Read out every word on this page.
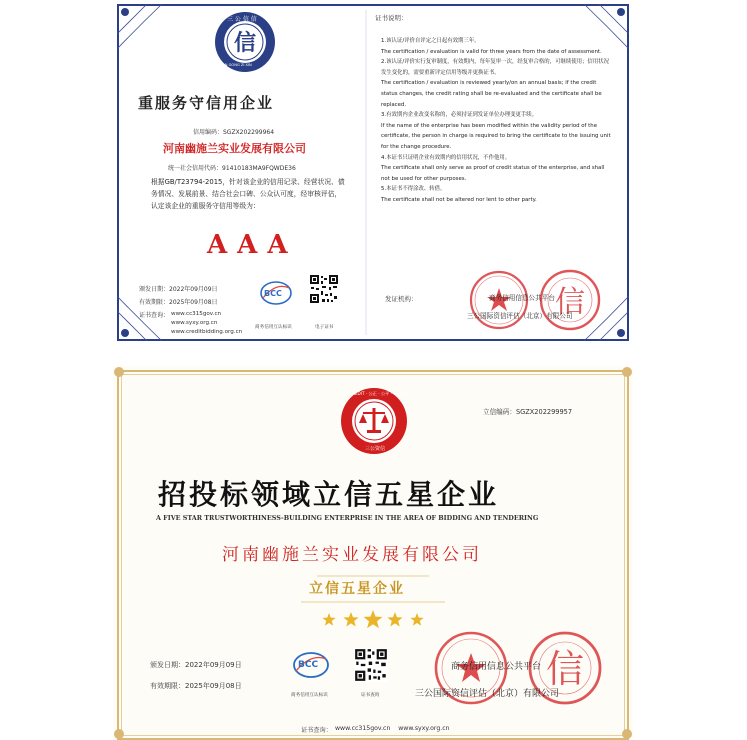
信
三 公 信 信
SAN GONG ZI XIN
重服务守信用企业
信用编码：SGZX202299964
河南幽施兰实业发展有限公司
统一社会信用代码：91410183MA9FQWDE36
根据GB/T23794-2015，针对该企业的信用记录、经营状况、债务情况、发展前景、结合社会口碑、公众认可度，经审核评估，认定该企业的重服务守信用等级为：
AAA
颁发日期：2022年09月09日
有效期限：2025年09月08日
证书查询： www.cc315gov.cn
www.syxy.org.cn
www.creditbidding.org.cn
BCC
商务信用互认标识	电子证书
证书说明：
1.该认证/评价自评定之日起有效期三年。
The certification / evaluation is valid for three years from the date of assessment.
2.该认证/评价实行复审制度，有效期内，每年复审一次，经复审合格的，可继续使用；信用状况发生变化的，需要重新评定信用等级并更换证书。
The certification / evaluation is reviewed yearly/on an annual basis; if the credit status changes, the credit rating shall be re-evaluated and the certificate shall be replaced.
3.有效期内企业改变名称的，必须持证到发证单位办理变更手续。
If the name of the enterprise has been modified within the validity period of the certificate, the person in charge is required to bring the certificate to the issuing unit for the change procedure.
4.本证书只证明企业有效期内的信用状况，不作他用。
The certificate shall only serve as proof of credit status of the enterprise, and shall not be used for other purposes.
5.本证书不得涂改、转借。
The certificate shall not be altered nor lent to other party.
发证机构：	信
商务信用信息公共平台
三公国际资信评估（北京）有限公司
立信编码：SGZX202299957
CREDIT · 公正 · 公平 · CHINA
三公资信
招投标领域立信五星企业
A FIVE STAR TRUSTWORTHINESS-BUILDING ENTERPRISE IN THE AREA OF BIDDING AND TENDERING
河南幽施兰实业发展有限公司
立信五星企业
颁发日期：2022年09月09日
有效期限：2025年09月08日
BCC
商务信用互认标识	证书查询
信
商务信用信息公共平台
三公国际资信评估（北京）有限公司
证书查询： www.cc315gov.cn    www.syxy.org.cn
